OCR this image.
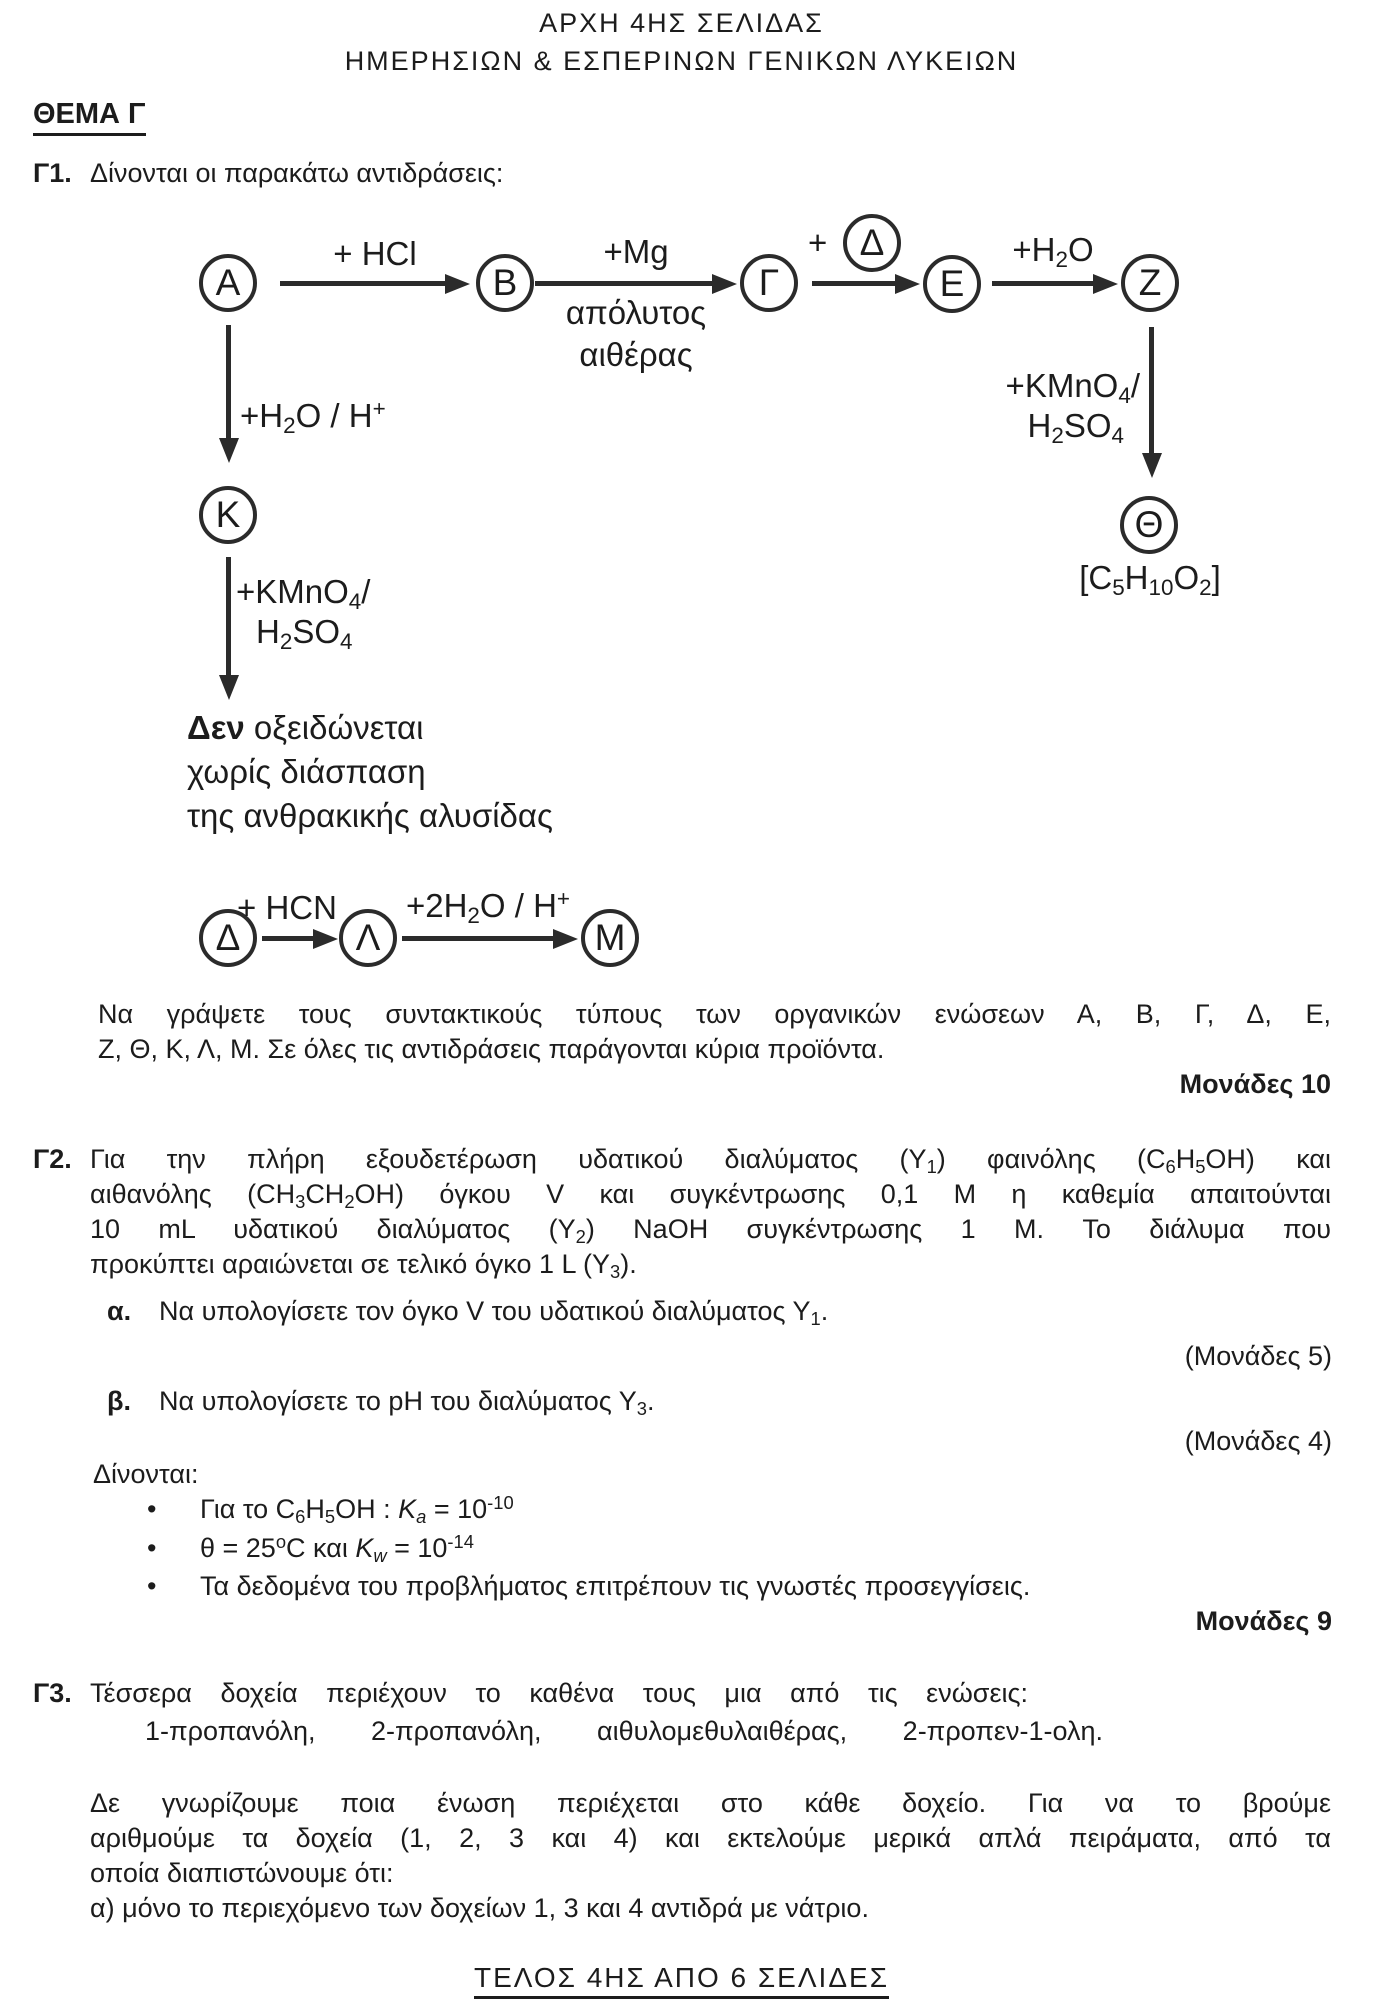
ΑΡΧΗ 4ΗΣ ΣΕΛΙΔΑΣ
ΗΜΕΡΗΣΙΩΝ & ΕΣΠΕΡΙΝΩΝ ΓΕΝΙΚΩΝ ΛΥΚΕΙΩΝ
ΘΕΜΑ Γ
Γ1. Δίνονται οι παρακάτω αντιδράσεις:
Α	Β	Γ
Δ
Ε	Ζ
Κ	Θ
Δ	Λ	Μ
+ HCl	+Mg
απόλυτος
αιθέρας
+	$+H_2O$
$+H_2O / H^+$
+KMnO$_4$/
$H_2SO_4$
+KMnO$_4$/
$H_2SO_4$
Δεν οξειδώνεται
χωρίς διάσπαση
της ανθρακικής αλυσίδας
$[C_5H_{10}O_2]$
+ HCN	$+2H_2O / H^+$
Να γράψετε τους συντακτικούς τύπους των οργανικών ενώσεων Α, Β, Γ, Δ, Ε,
Ζ, Θ, Κ, Λ, Μ. Σε όλες τις αντιδράσεις παράγονται κύρια προϊόντα.
Μονάδες 10
Γ2. Για την πλήρη εξουδετέρωση υδατικού διαλύματος $(\Upsilon_1)$ φαινόλης $(C_6H_5OH)$ και
αιθανόλης $(CH_3CH_2OH)$ όγκου V και συγκέντρωσης 0,1 M η καθεμία απαιτούνται
10 mL υδατικού διαλύματος $(\Upsilon_2)$ NaOH συγκέντρωσης 1 M. Το διάλυμα που
προκύπτει αραιώνεται σε τελικό όγκο 1 L $(\Upsilon_3)$.
α. Να υπολογίσετε τον όγκο V του υδατικού διαλύματος $\Upsilon_1$.
(Μονάδες 5)
β. Να υπολογίσετε το pH του διαλύματος $\Upsilon_3$.
(Μονάδες 4)
Δίνονται:
• Για το $C_6H_5OH$ : $K_a = 10^{-10}$
• $\theta = 25^oC$ και $K_w = 10^{-14}$
• Τα δεδομένα του προβλήματος επιτρέπουν τις γνωστές προσεγγίσεις.
Μονάδες 9
Γ3. Τέσσερα δοχεία περιέχουν το καθένα τους μια από τις ενώσεις:
1-προπανόλη, 2-προπανόλη, αιθυλομεθυλαιθέρας, 2-προπεν-1-ολη.
Δε γνωρίζουμε ποια ένωση περιέχεται στο κάθε δοχείο. Για να το βρούμε
αριθμούμε τα δοχεία (1, 2, 3 και 4) και εκτελούμε μερικά απλά πειράματα, από τα
οποία διαπιστώνουμε ότι:
α) μόνο το περιεχόμενο των δοχείων 1, 3 και 4 αντιδρά με νάτριο.
ΤΕΛΟΣ 4ΗΣ ΑΠΟ 6 ΣΕΛΙΔΕΣ
